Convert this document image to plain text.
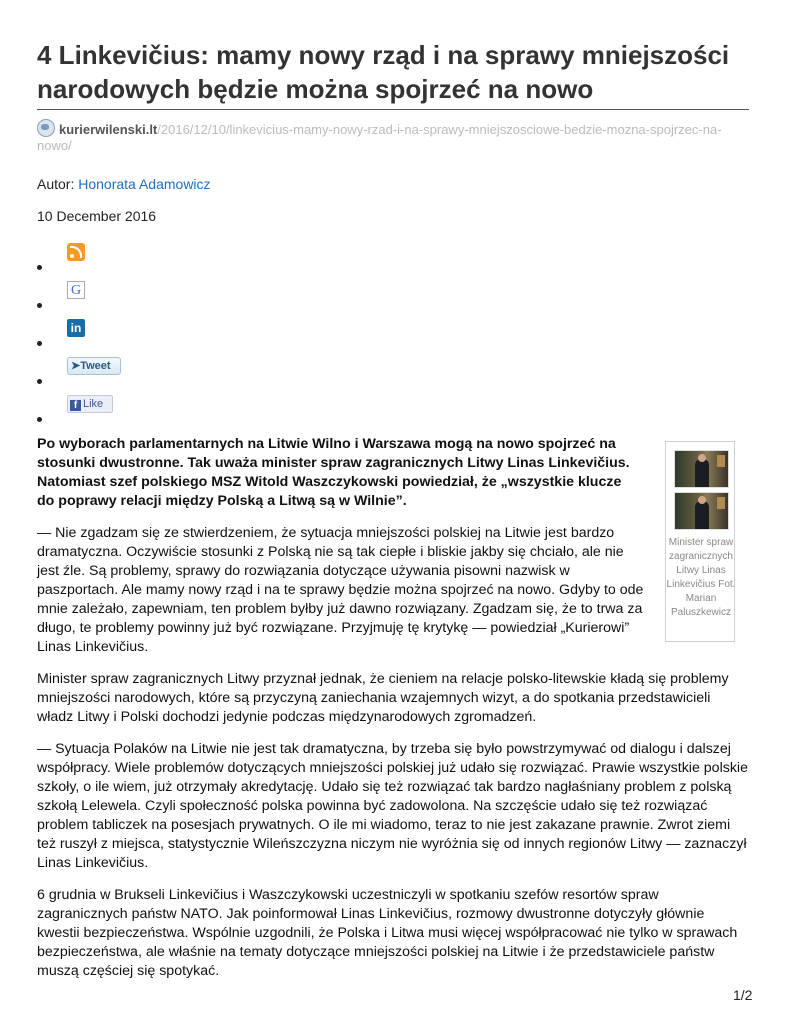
4 Linkevičius: mamy nowy rząd i na sprawy mniejszości narodowych będzie można spojrzeć na nowo
kurierwilenski.lt/2016/12/10/linkevicius-mamy-nowy-rzad-i-na-sprawy-mniejszosciowe-bedzie-mozna-spojrzec-na-nowo/
Autor: Honorata Adamowicz
10 December 2016
G
in
➤Tweet
f Like

Po wyborach parlamentarnych na Litwie Wilno i Warszawa mogą na nowo spojrzeć na stosunki dwustronne. Tak uważa minister spraw zagranicznych Litwy Linas Linkevičius. Natomiast szef polskiego MSZ Witold Waszczykowski powiedział, że „wszystkie klucze do poprawy relacji między Polską a Litwą są w Wilnie”.

— Nie zgadzam się ze stwierdzeniem, że sytuacja mniejszości polskiej na Litwie jest bardzo dramatyczna. Oczywiście stosunki z Polską nie są tak ciepłe i bliskie jakby się chciało, ale nie jest źle. Są problemy, sprawy do rozwiązania dotyczące używania pisowni nazwisk w paszportach. Ale mamy nowy rząd i na te sprawy będzie można spojrzeć na nowo. Gdyby to ode mnie zależało, zapewniam, ten problem byłby już dawno rozwiązany. Zgadzam się, że to trwa za długo, te problemy powinny już być rozwiązane. Przyjmuję tę krytykę — powiedział „Kurierowi” Linas Linkevičius.

Minister spraw zagranicznych Litwy przyznał jednak, że cieniem na relacje polsko-litewskie kładą się problemy mniejszości narodowych, które są przyczyną zaniechania wzajemnych wizyt, a do spotkania przedstawicieli władz Litwy i Polski dochodzi jedynie podczas międzynarodowych zgromadzeń.

— Sytuacja Polaków na Litwie nie jest tak dramatyczna, by trzeba się było powstrzymywać od dialogu i dalszej współpracy. Wiele problemów dotyczących mniejszości polskiej już udało się rozwiązać. Prawie wszystkie polskie szkoły, o ile wiem, już otrzymały akredytację. Udało się też rozwiązać tak bardzo nagłaśniany problem z polską szkołą Lelewela. Czyli społeczność polska powinna być zadowolona. Na szczęście udało się też rozwiązać problem tabliczek na posesjach prywatnych. O ile mi wiadomo, teraz to nie jest zakazane prawnie. Zwrot ziemi też ruszył z miejsca, statystycznie Wileńszczyzna niczym nie wyróżnia się od innych regionów Litwy — zaznaczył Linas Linkevičius.

6 grudnia w Brukseli Linkevičius i Waszczykowski uczestniczyli w spotkaniu szefów resortów spraw zagranicznych państw NATO. Jak poinformował Linas Linkevičius, rozmowy dwustronne dotyczyły głównie kwestii bezpieczeństwa. Wspólnie uzgodnili, że Polska i Litwa musi więcej współpracować nie tylko w sprawach bezpieczeństwa, ale właśnie na tematy dotyczące mniejszości polskiej na Litwie i że przedstawiciele państw muszą częściej się spotykać.

Minister spraw zagranicznych Litwy Linas Linkevičius Fot. Marian Paluszkewicz
1/2
